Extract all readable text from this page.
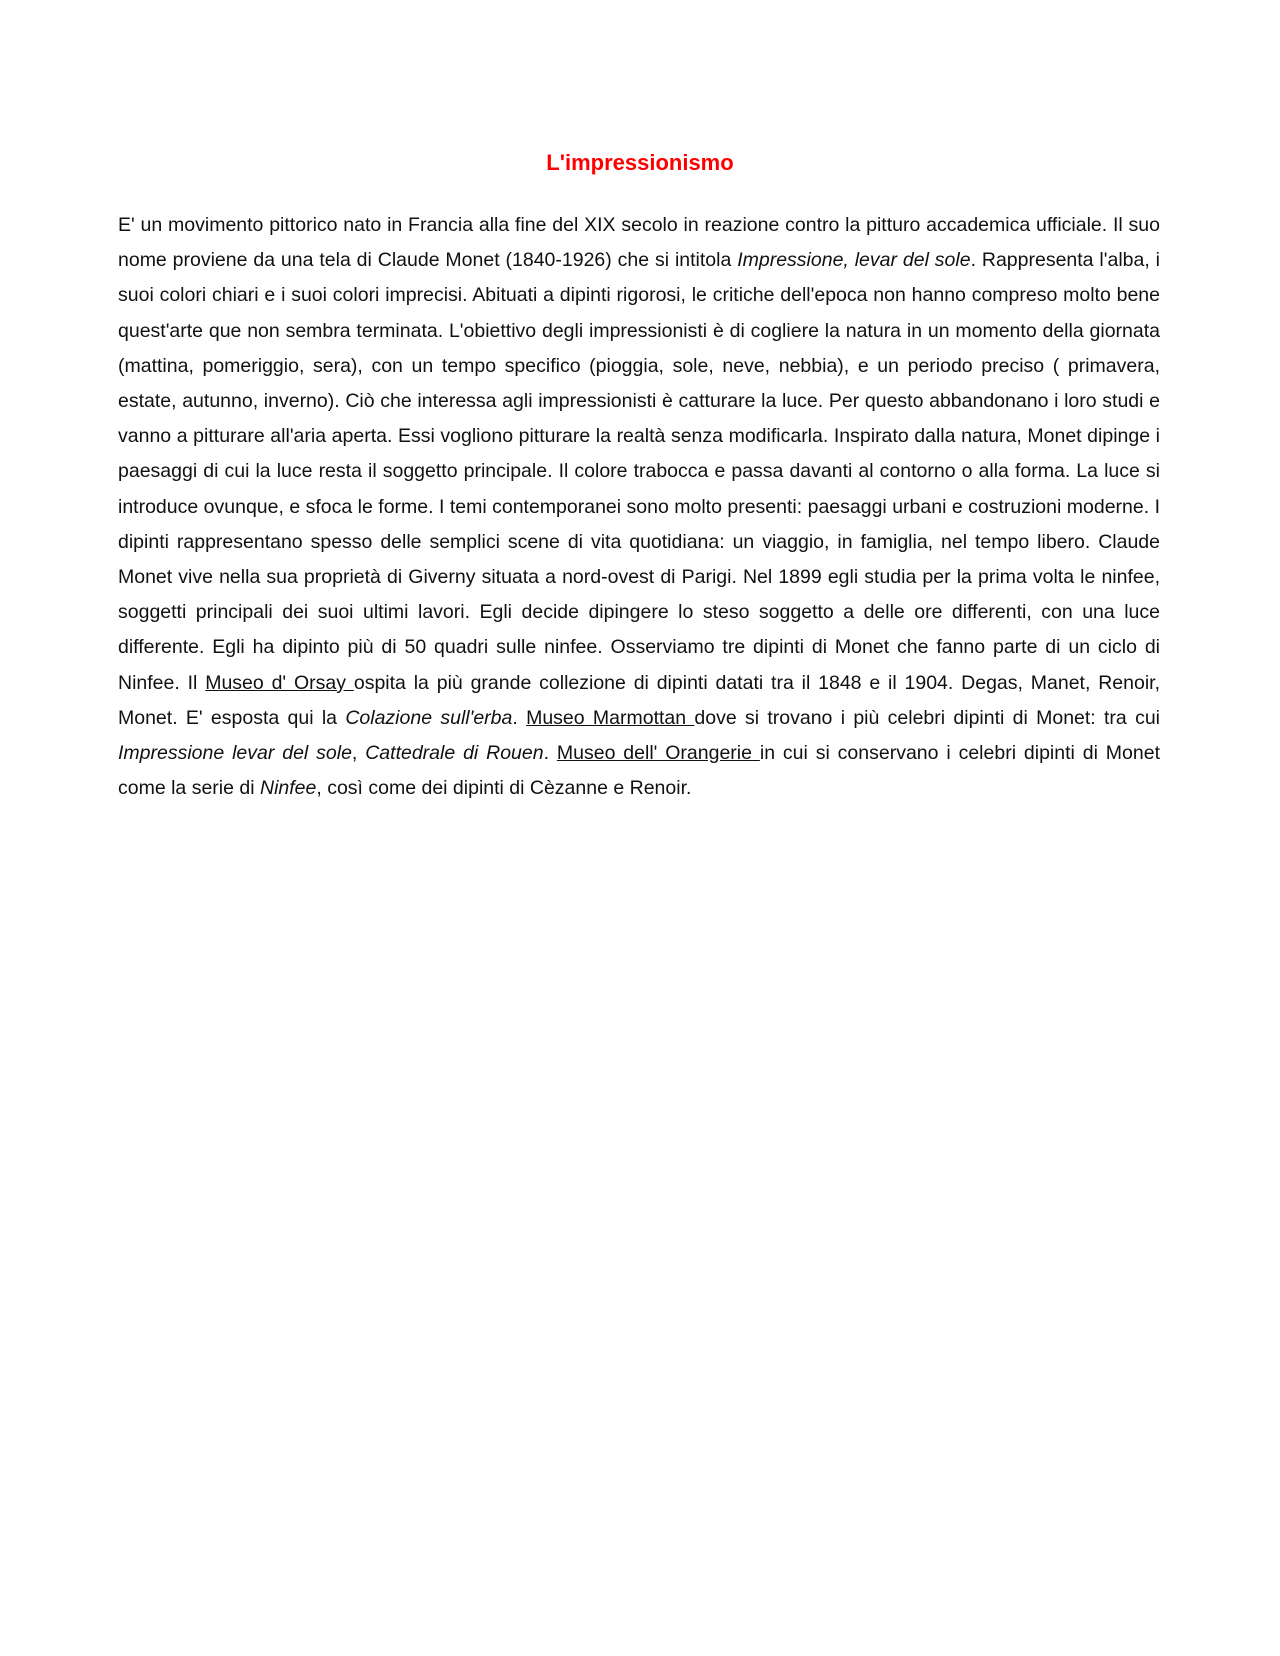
L'impressionismo

E' un movimento pittorico nato in Francia alla fine del XIX secolo in reazione contro la pitturo accademica ufficiale. Il suo nome proviene da una tela di Claude Monet (1840-1926) che si intitola Impressione, levar del sole. Rappresenta l'alba, i suoi colori chiari e i suoi colori imprecisi. Abituati a dipinti rigorosi, le critiche dell'epoca non hanno compreso molto bene quest'arte que non sembra terminata. L'obiettivo degli impressionisti è di cogliere la natura in un momento della giornata (mattina, pomeriggio, sera), con un tempo specifico (pioggia, sole, neve, nebbia), e un periodo preciso ( primavera, estate, autunno, inverno). Ciò che interessa agli impressionisti è catturare la luce. Per questo abbandonano i loro studi e vanno a pitturare all'aria aperta. Essi vogliono pitturare la realtà senza modificarla. Inspirato dalla natura, Monet dipinge i paesaggi di cui la luce resta il soggetto principale. Il colore trabocca e passa davanti al contorno o alla forma. La luce si introduce ovunque, e sfoca le forme. I temi contemporanei sono molto presenti: paesaggi urbani e costruzioni moderne. I dipinti rappresentano spesso delle semplici scene di vita quotidiana: un viaggio, in famiglia, nel tempo libero. Claude Monet vive nella sua proprietà di Giverny situata a nord-ovest di Parigi. Nel 1899 egli studia per la prima volta le ninfee, soggetti principali dei suoi ultimi lavori. Egli decide dipingere lo steso soggetto a delle ore differenti, con una luce differente. Egli ha dipinto più di 50 quadri sulle ninfee. Osserviamo tre dipinti di Monet che fanno parte di un ciclo di Ninfee. Il Museo d' Orsay ospita la più grande collezione di dipinti datati tra il 1848 e il 1904. Degas, Manet, Renoir, Monet. E' esposta qui la Colazione sull'erba. Museo Marmottan dove si trovano i più celebri dipinti di Monet: tra cui Impressione levar del sole, Cattedrale di Rouen. Museo dell' Orangerie in cui si conservano i celebri dipinti di Monet come la serie di Ninfee, così come dei dipinti di Cèzanne e Renoir.
